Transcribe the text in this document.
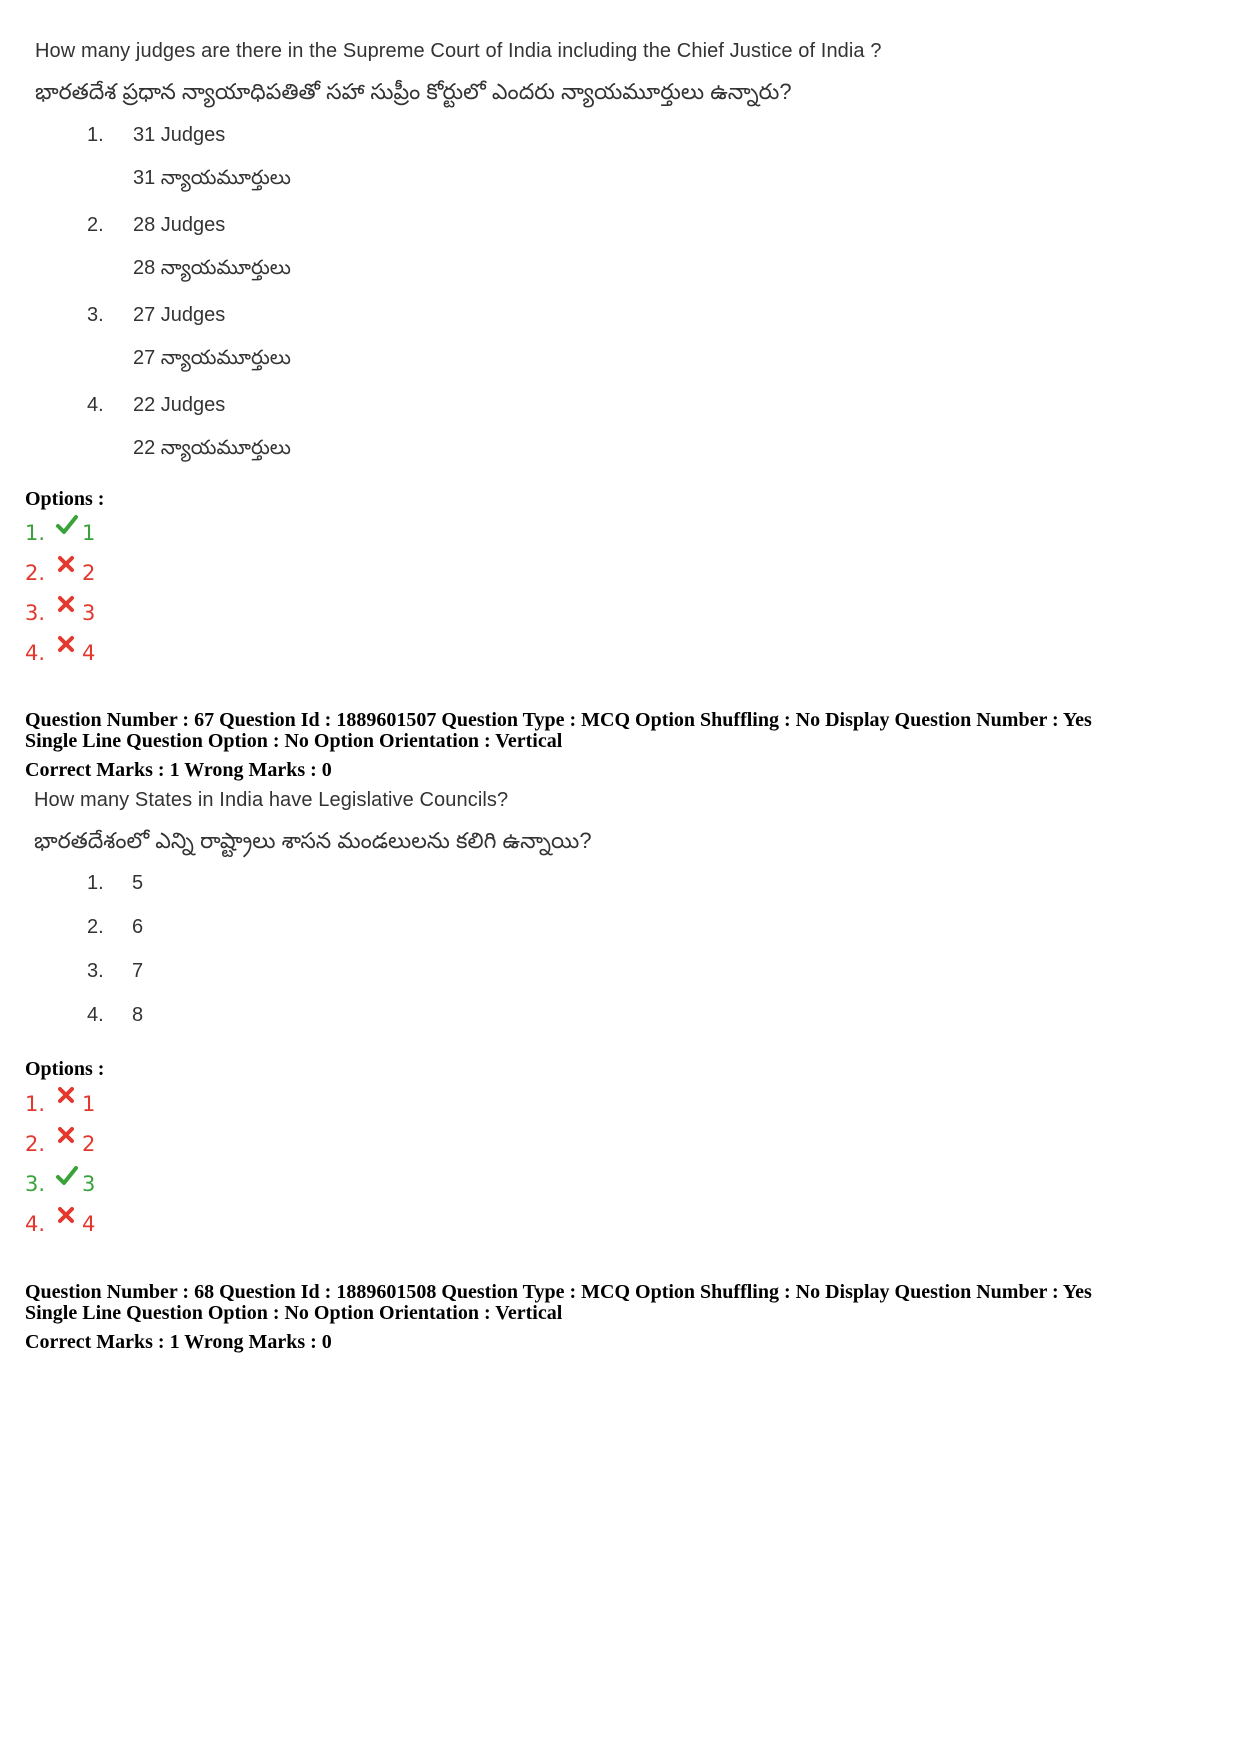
How many judges are there in the Supreme Court of India including the Chief Justice of India ?
భారతదేశ ప్రధాన న్యాయాధిపతితో సహా సుప్రీం కోర్టులో ఎందరు న్యాయమూర్తులు ఉన్నారు?
1. 31 Judges
31 న్యాయమూర్తులు
2. 28 Judges
28 న్యాయమూర్తులు
3. 27 Judges
27 న్యాయమూర్తులు
4. 22 Judges
22 న్యాయమూర్తులు
Options :
1. 1
2. 2
3. 3
4. 4
Question Number : 67 Question Id : 1889601507 Question Type : MCQ Option Shuffling : No Display Question Number : Yes
Single Line Question Option : No Option Orientation : Vertical
Correct Marks : 1 Wrong Marks : 0
How many States in India have Legislative Councils?
భారతదేశంలో ఎన్ని రాష్ట్రాలు శాసన మండలులను కలిగి ఉన్నాయి?
1. 5
2. 6
3. 7
4. 8
Options :
1. 1
2. 2
3. 3
4. 4
Question Number : 68 Question Id : 1889601508 Question Type : MCQ Option Shuffling : No Display Question Number : Yes
Single Line Question Option : No Option Orientation : Vertical
Correct Marks : 1 Wrong Marks : 0
